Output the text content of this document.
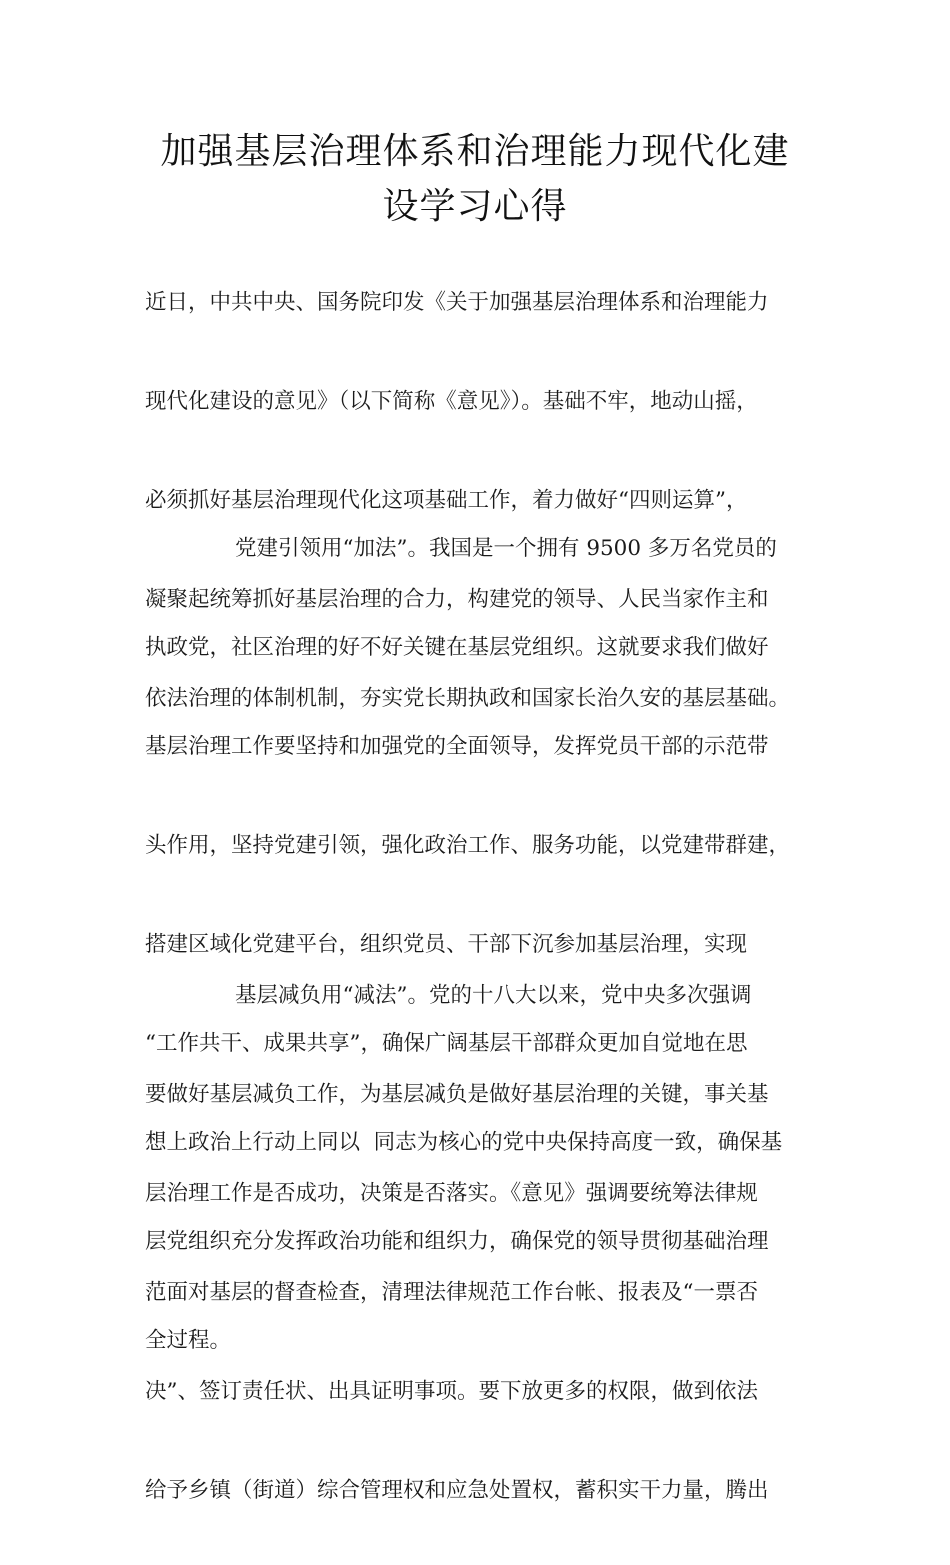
加强基层治理体系和治理能力现代化建
设学习心得

近日，中共中央、国务院印发《关于加强基层治理体系和治理能力

现代化建设的意见》（以下简称《意见》）。基础不牢，地动山摇，

必须抓好基层治理现代化这项基础工作，着力做好“四则运算”，

凝聚起统筹抓好基层治理的合力，构建党的领导、人民当家作主和

依法治理的体制机制，夯实党长期执政和国家长治久安的基层基础。

党建引领用“加法”。我国是一个拥有 9500 多万名党员的

执政党，社区治理的好不好关键在基层党组织。这就要求我们做好

基层治理工作要坚持和加强党的全面领导，发挥党员干部的示范带

头作用，坚持党建引领，强化政治工作、服务功能，以党建带群建，

搭建区域化党建平台，组织党员、干部下沉参加基层治理，实现

“工作共干、成果共享”，确保广阔基层干部群众更加自觉地在思

想上政治上行动上同以  同志为核心的党中央保持高度一致，确保基

层党组织充分发挥政治功能和组织力，确保党的领导贯彻基础治理

全过程。

基层减负用“减法”。党的十八大以来，党中央多次强调

要做好基层减负工作，为基层减负是做好基层治理的关键，事关基

层治理工作是否成功，决策是否落实。《意见》强调要统筹法律规

范面对基层的督查检查，清理法律规范工作台帐、报表及“一票否

决”、签订责任状、出具证明事项。要下放更多的权限，做到依法

给予乡镇（街道）综合管理权和应急处置权，蓄积实干力量，腾出
